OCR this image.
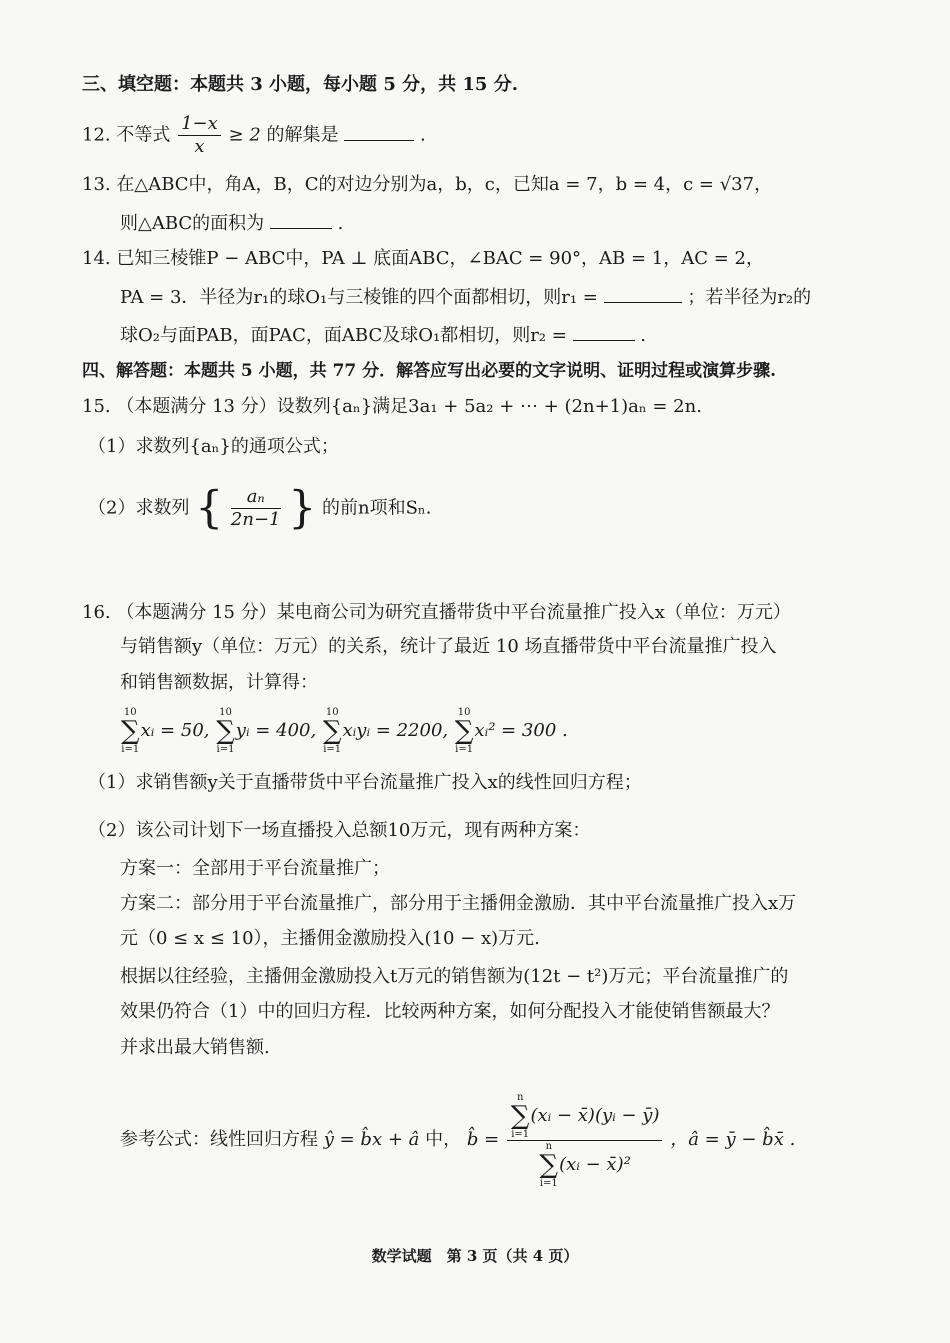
三、填空题：本题共 3 小题，每小题 5 分，共 15 分.
12. 不等式 $\frac{1-x}{x} \ge 2$ 的解集是	.
13. 在△ABC中，角A，B，C的对边分别为a，b，c，已知a = 7，b = 4，c = √37，
则△ABC的面积为	.
14. 已知三棱锥P − ABC中，PA ⊥ 底面ABC，∠BAC = 90°，AB = 1，AC = 2，
PA = 3．半径为r₁的球O₁与三棱锥的四个面都相切，则r₁ =	；若半径为r₂的
球O₂与面PAB，面PAC，面ABC及球O₁都相切，则r₂ =	.
四、解答题：本题共 5 小题，共 77 分．解答应写出必要的文字说明、证明过程或演算步骤.
15. （本题满分 13 分）设数列{aₙ}满足3a₁ + 5a₂ + ⋯ + (2n+1)aₙ = 2n.
（1）求数列{aₙ}的通项公式；
（2）求数列 { $\frac{\text{aₙ}}{2n-1}$ } 的前n项和Sₙ.
16. （本题满分 15 分）某电商公司为研究直播带货中平台流量推广投入x（单位：万元）
与销售额y（单位：万元）的关系，统计了最近 10 场直播带货中平台流量推广投入
和销售额数据，计算得：
10
∑
i=1
xᵢ = 50,
10
∑
i=1
yᵢ = 400,
10
∑
i=1
xᵢyᵢ = 2200,
10
∑
i=1
xᵢ² = 300 .
（1）求销售额y关于直播带货中平台流量推广投入x的线性回归方程；
（2）该公司计划下一场直播投入总额10万元，现有两种方案：
方案一：全部用于平台流量推广；
方案二：部分用于平台流量推广，部分用于主播佣金激励．其中平台流量推广投入x万
元（0 ≤ x ≤ 10），主播佣金激励投入(10 − x)万元.
根据以往经验，主播佣金激励投入t万元的销售额为(12t − t²)万元；平台流量推广的
效果仍符合（1）中的回归方程．比较两种方案，如何分配投入才能使销售额最大？
并求出最大销售额.
参考公式：线性回归方程 ŷ = b̂x + â 中， b̂ = n
∑
i=1
(xᵢ − x̄)(yᵢ − ȳ)
n
∑
i=1
(xᵢ − x̄)² ，â = ȳ − b̂x̄ .
数学试题　第 3 页（共 4 页）
